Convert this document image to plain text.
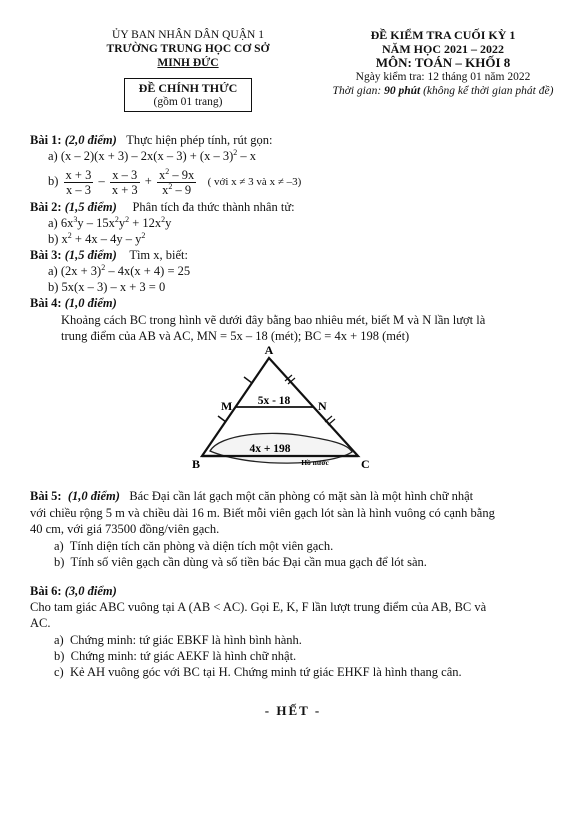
ỦY BAN NHÂN DÂN QUẬN 1
TRƯỜNG TRUNG HỌC CƠ SỞ
MINH ĐỨC
ĐỀ CHÍNH THỨC
(gồm 01 trang)
ĐỀ KIỂM TRA CUỐI KỲ 1
NĂM HỌC 2021 – 2022
MÔN: TOÁN – KHỐI 8
Ngày kiểm tra: 12 tháng 01 năm 2022
Thời gian: 90 phút (không kể thời gian phát đề)
Bài 1: (2,0 điểm) Thực hiện phép tính, rút gọn:
a) (x – 2)(x + 3) – 2x(x – 3) + (x – 3)$^2$ – x
$b) \frac{x + 3}{x - 3} - \frac{x - 3}{x + 3} + \frac{x^2 - 9x}{x^2 - 9}$ ( với x ≠ 3 và x ≠ –3)
Bài 2: (1,5 điểm) Phân tích đa thức thành nhân tử:
a) $6x^3y - 15x^2y^2 + 12x^2y$
b) $x^2 + 4x - 4y - y^2$
Bài 3: (1,5 điểm) Tìm x, biết:
a) $(2x + 3)^2 - 4x(x + 4) = 25$
b) 5x(x – 3) – x + 3 = 0
Bài 4: (1,0 điểm)
Khoảng cách BC trong hình vẽ dưới đây bằng bao nhiêu mét, biết M và N lần lượt là
trung điểm của AB và AC, MN = 5x – 18 (mét); BC = 4x + 198 (mét)
A
M	N
B	C
5x - 18
4x + 198
Hồ nước
Bài 5: (1,0 điểm) Bác Đại cần lát gạch một căn phòng có mặt sàn là một hình chữ nhật
với chiều rộng 5 m và chiều dài 16 m. Biết mỗi viên gạch lót sàn là hình vuông có cạnh bằng
40 cm, với giá 73500 đồng/viên gạch.
a) Tính diện tích căn phòng và diện tích một viên gạch.
b) Tính số viên gạch cần dùng và số tiền bác Đại cần mua gạch để lót sàn.
Bài 6: (3,0 điểm)
Cho tam giác ABC vuông tại A (AB < AC). Gọi E, K, F lần lượt trung điểm của AB, BC và
AC.
a) Chứng minh: tứ giác EBKF là hình bình hành.
b) Chứng minh: tứ giác AEKF là hình chữ nhật.
c) Kẻ AH vuông góc với BC tại H. Chứng minh tứ giác EHKF là hình thang cân.
- HẾT -
